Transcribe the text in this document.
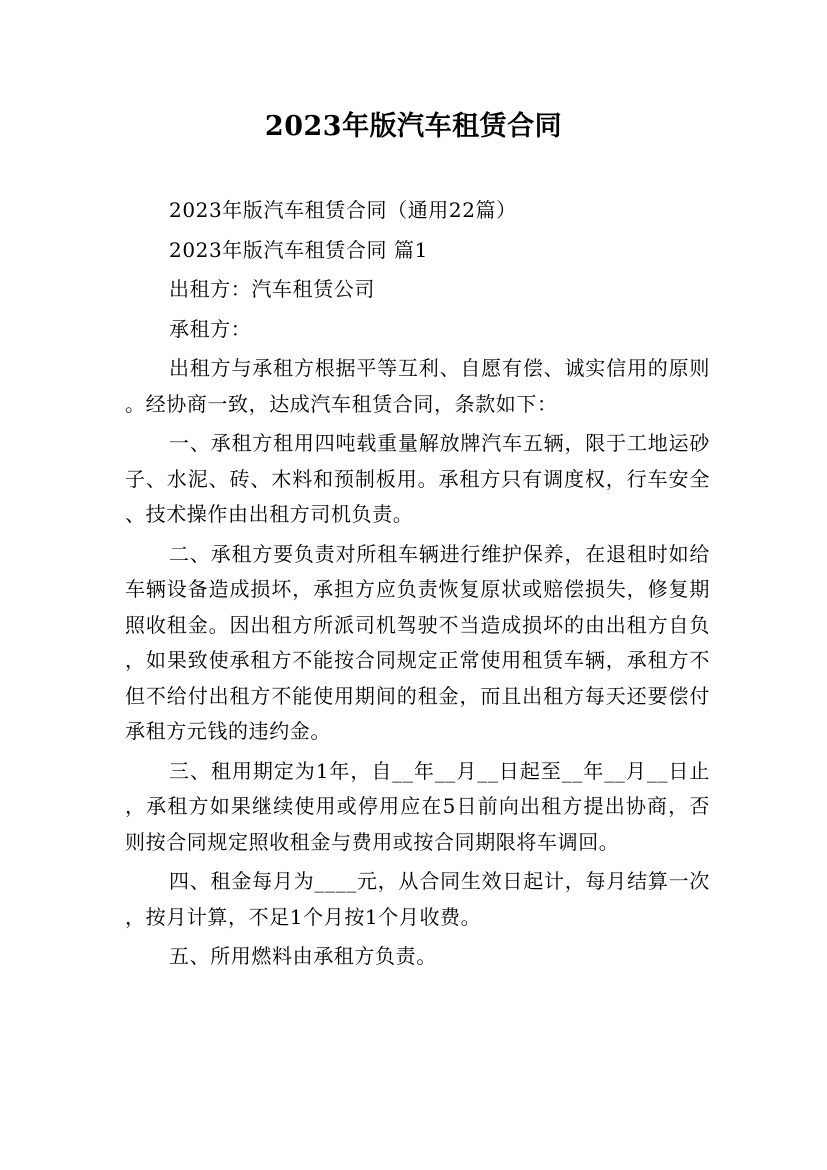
2023年版汽车租赁合同

2023年版汽车租赁合同（通用22篇）

2023年版汽车租赁合同 篇1

出租方：汽车租赁公司

承租方：

出租方与承租方根据平等互利、自愿有偿、诚实信用的原则。经协商一致，达成汽车租赁合同，条款如下：

一、承租方租用四吨载重量解放牌汽车五辆，限于工地运砂子、水泥、砖、木料和预制板用。承租方只有调度权，行车安全、技术操作由出租方司机负责。

二、承租方要负责对所租车辆进行维护保养，在退租时如给车辆设备造成损坏，承担方应负责恢复原状或赔偿损失，修复期照收租金。因出租方所派司机驾驶不当造成损坏的由出租方自负，如果致使承租方不能按合同规定正常使用租赁车辆，承租方不但不给付出租方不能使用期间的租金，而且出租方每天还要偿付承租方元钱的违约金。

三、租用期定为1年，自__年__月__日起至__年__月__日止，承租方如果继续使用或停用应在5日前向出租方提出协商，否则按合同规定照收租金与费用或按合同期限将车调回。

四、租金每月为____元，从合同生效日起计，每月结算一次，按月计算，不足1个月按1个月收费。

五、所用燃料由承租方负责。
